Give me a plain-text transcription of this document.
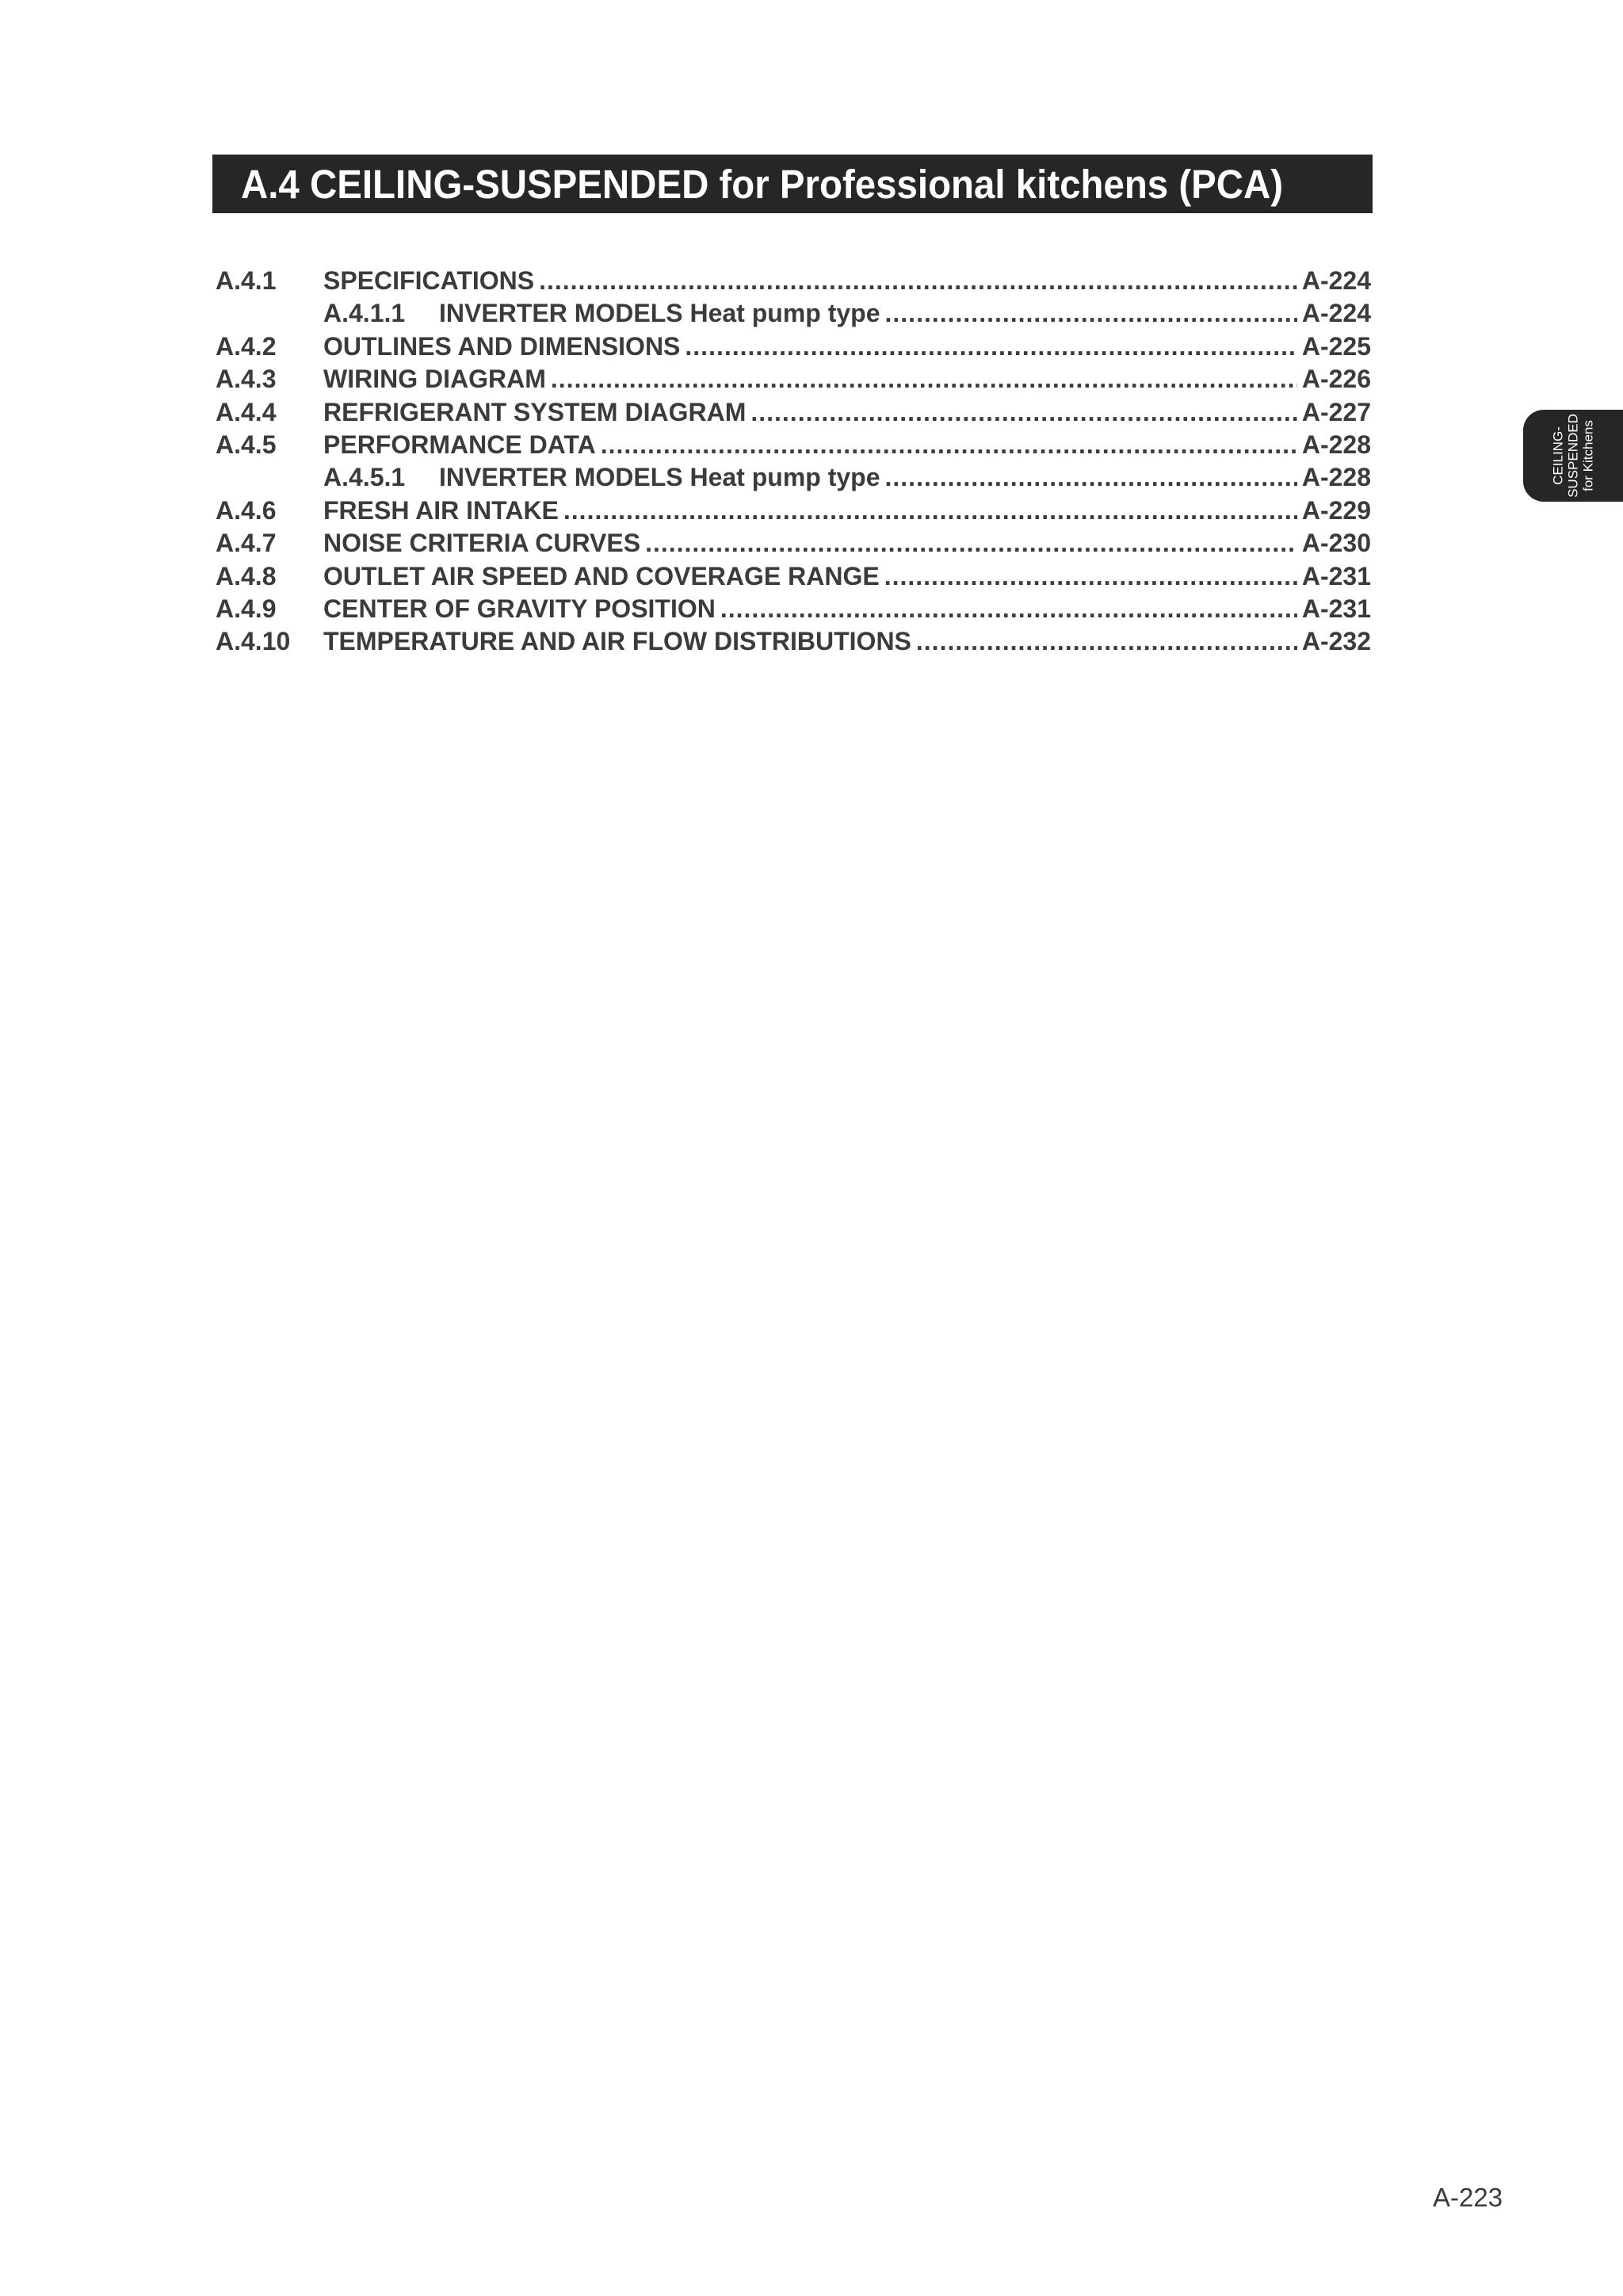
A.4 CEILING-SUSPENDED for Professional kitchens (PCA)
A.4.1	SPECIFICATIONS .....	A-224
A.4.1.1	INVERTER MODELS Heat pump type .....	A-224
A.4.2	OUTLINES AND DIMENSIONS .....	A-225
A.4.3	WIRING DIAGRAM .....	A-226
A.4.4	REFRIGERANT SYSTEM DIAGRAM .....	A-227
A.4.5	PERFORMANCE DATA .....	A-228
A.4.5.1	INVERTER MODELS Heat pump type .....	A-228
A.4.6	FRESH AIR INTAKE .....	A-229
A.4.7	NOISE CRITERIA CURVES .....	A-230
A.4.8	OUTLET AIR SPEED AND COVERAGE RANGE .....	A-231
A.4.9	CENTER OF GRAVITY POSITION .....	A-231
A.4.10	TEMPERATURE AND AIR FLOW DISTRIBUTIONS .....	A-232
CEILING- SUSPENDED for Kitchens
A-223
